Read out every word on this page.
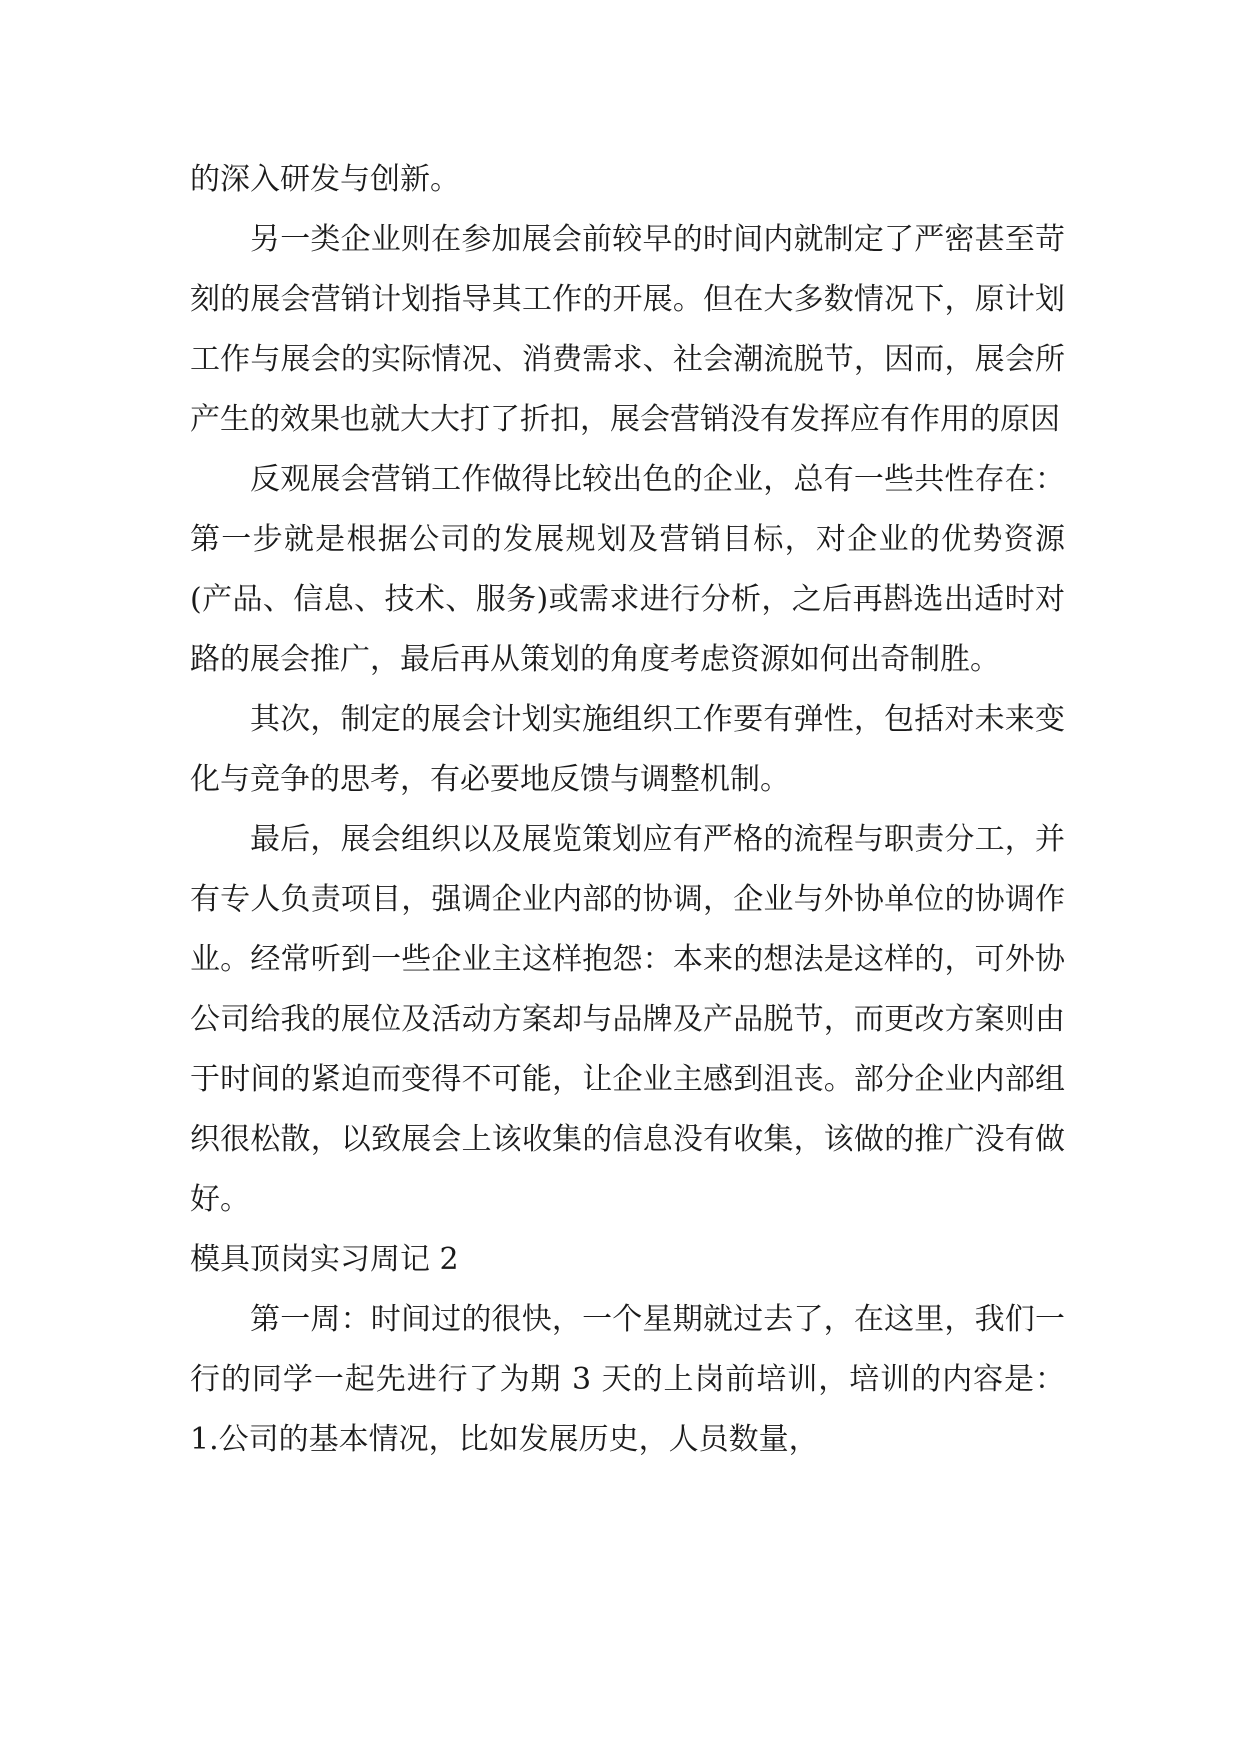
的深入研发与创新。

另一类企业则在参加展会前较早的时间内就制定了严密甚至苛刻的展会营销计划指导其工作的开展。但在大多数情况下，原计划工作与展会的实际情况、消费需求、社会潮流脱节，因而，展会所产生的效果也就大大打了折扣，展会营销没有发挥应有作用的原因

反观展会营销工作做得比较出色的企业，总有一些共性存在：第一步就是根据公司的发展规划及营销目标，对企业的优势资源(产品、信息、技术、服务)或需求进行分析，之后再斟选出适时对路的展会推广，最后再从策划的角度考虑资源如何出奇制胜。

其次，制定的展会计划实施组织工作要有弹性，包括对未来变化与竞争的思考，有必要地反馈与调整机制。

最后，展会组织以及展览策划应有严格的流程与职责分工，并有专人负责项目，强调企业内部的协调，企业与外协单位的协调作业。经常听到一些企业主这样抱怨：本来的想法是这样的，可外协公司给我的展位及活动方案却与品牌及产品脱节，而更改方案则由于时间的紧迫而变得不可能，让企业主感到沮丧。部分企业内部组织很松散，以致展会上该收集的信息没有收集，该做的推广没有做好。

模具顶岗实习周记 2

第一周：时间过的很快，一个星期就过去了，在这里，我们一行的同学一起先进行了为期 3 天的上岗前培训，培训的内容是：1.公司的基本情况，比如发展历史，人员数量，
